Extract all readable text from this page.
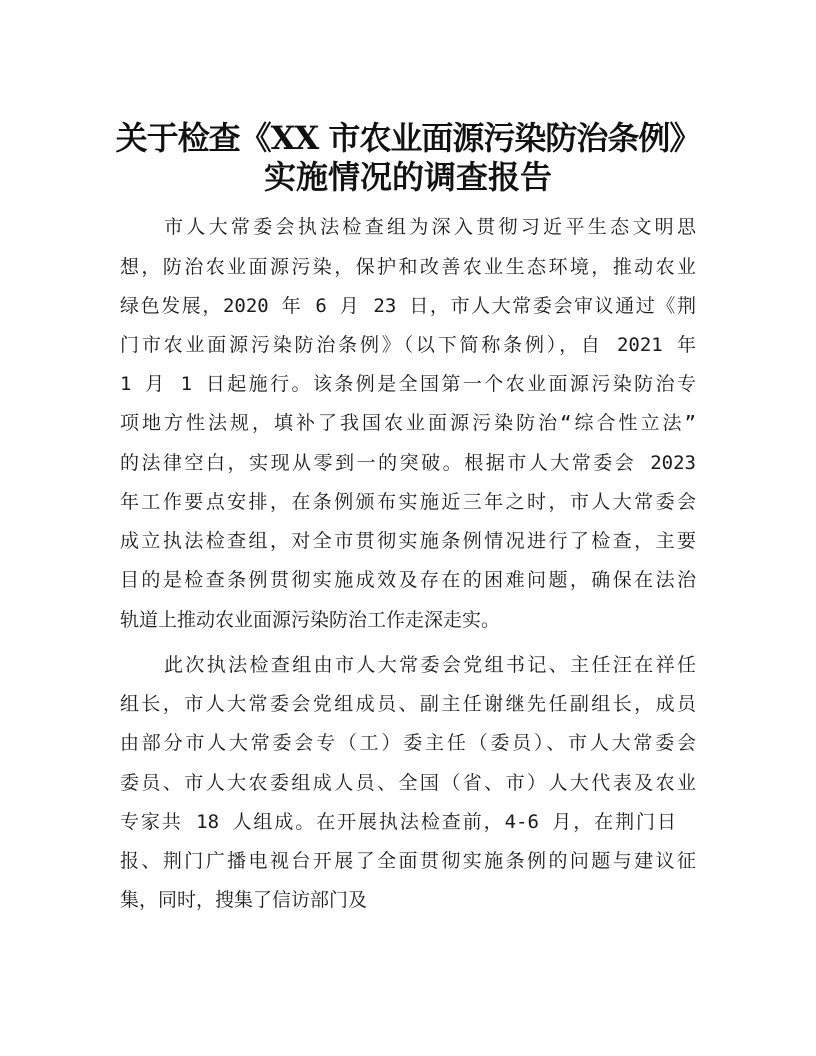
关于检查《XX 市农业面源污染防治条例》
实施情况的调查报告
市人大常委会执法检查组为深入贯彻习近平生态文明思
想，防治农业面源污染，保护和改善农业生态环境，推动农业
绿色发展，2020 年 6 月 23 日，市人大常委会审议通过《荆
门市农业面源污染防治条例》（以下简称条例），自 2021 年
1 月 1 日起施行。该条例是全国第一个农业面源污染防治专
项地方性法规，填补了我国农业面源污染防治“综合性立法”
的法律空白，实现从零到一的突破。根据市人大常委会 2023
年工作要点安排，在条例颁布实施近三年之时，市人大常委会
成立执法检查组，对全市贯彻实施条例情况进行了检查，主要
目的是检查条例贯彻实施成效及存在的困难问题，确保在法治
轨道上推动农业面源污染防治工作走深走实。
此次执法检查组由市人大常委会党组书记、主任汪在祥任
组长，市人大常委会党组成员、副主任谢继先任副组长，成员
由部分市人大常委会专（工）委主任（委员）、市人大常委会
委员、市人大农委组成人员、全国（省、市）人大代表及农业
专家共 18 人组成。在开展执法检查前，4-6 月，在荆门日
报、荆门广播电视台开展了全面贯彻实施条例的问题与建议征
集，同时，搜集了信访部门及
